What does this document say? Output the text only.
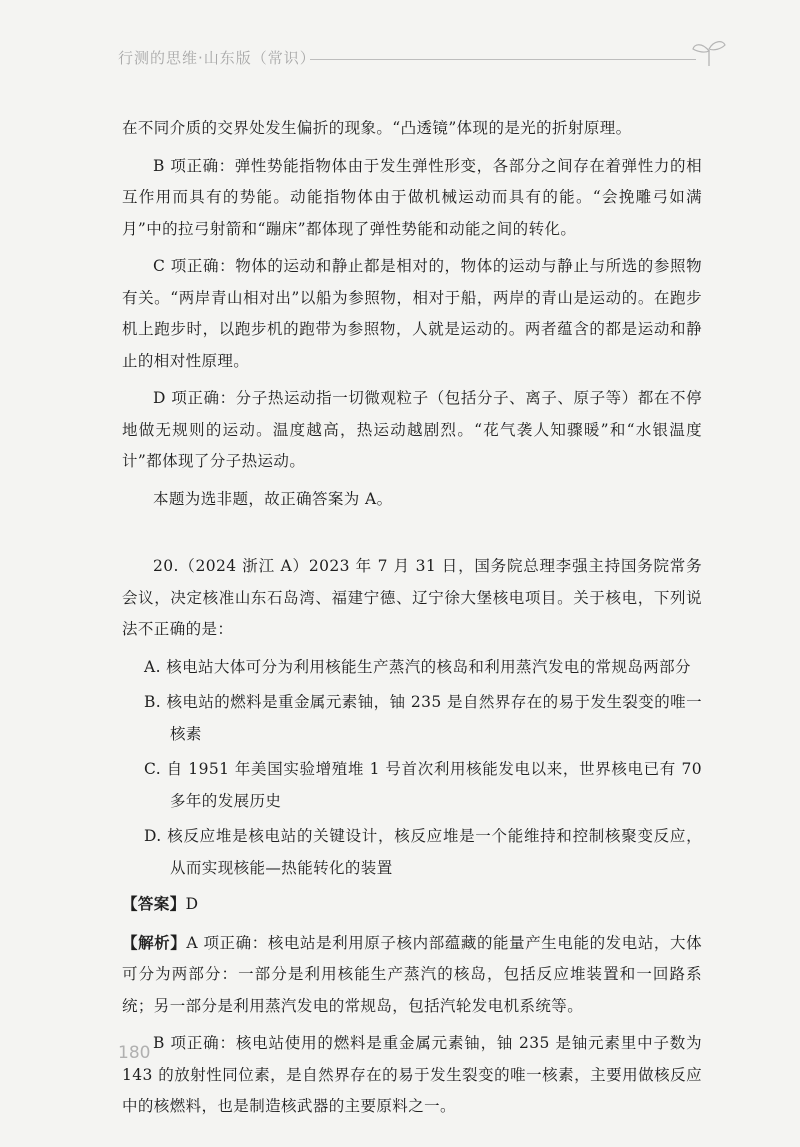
行测的思维·山东版（常识）

在不同介质的交界处发生偏折的现象。“凸透镜”体现的是光的折射原理。

B 项正确：弹性势能指物体由于发生弹性形变，各部分之间存在着弹性力的相互作用而具有的势能。动能指物体由于做机械运动而具有的能。“会挽雕弓如满月”中的拉弓射箭和“蹦床”都体现了弹性势能和动能之间的转化。

C 项正确：物体的运动和静止都是相对的，物体的运动与静止与所选的参照物有关。“两岸青山相对出”以船为参照物，相对于船，两岸的青山是运动的。在跑步机上跑步时，以跑步机的跑带为参照物，人就是运动的。两者蕴含的都是运动和静止的相对性原理。

D 项正确：分子热运动指一切微观粒子（包括分子、离子、原子等）都在不停地做无规则的运动。温度越高，热运动越剧烈。“花气袭人知骤暖”和“水银温度计”都体现了分子热运动。

本题为选非题，故正确答案为 A。

20.（2024 浙江 A）2023 年 7 月 31 日，国务院总理李强主持国务院常务会议，决定核准山东石岛湾、福建宁德、辽宁徐大堡核电项目。关于核电，下列说法不正确的是：

A. 核电站大体可分为利用核能生产蒸汽的核岛和利用蒸汽发电的常规岛两部分

B. 核电站的燃料是重金属元素铀，铀 235 是自然界存在的易于发生裂变的唯一核素

C. 自 1951 年美国实验增殖堆 1 号首次利用核能发电以来，世界核电已有 70 多年的发展历史

D. 核反应堆是核电站的关键设计，核反应堆是一个能维持和控制核聚变反应，从而实现核能—热能转化的装置

【答案】D

【解析】A 项正确：核电站是利用原子核内部蕴藏的能量产生电能的发电站，大体可分为两部分：一部分是利用核能生产蒸汽的核岛，包括反应堆装置和一回路系统；另一部分是利用蒸汽发电的常规岛，包括汽轮发电机系统等。

B 项正确：核电站使用的燃料是重金属元素铀，铀 235 是铀元素里中子数为 143 的放射性同位素，是自然界存在的易于发生裂变的唯一核素，主要用做核反应中的核燃料，也是制造核武器的主要原料之一。

180
